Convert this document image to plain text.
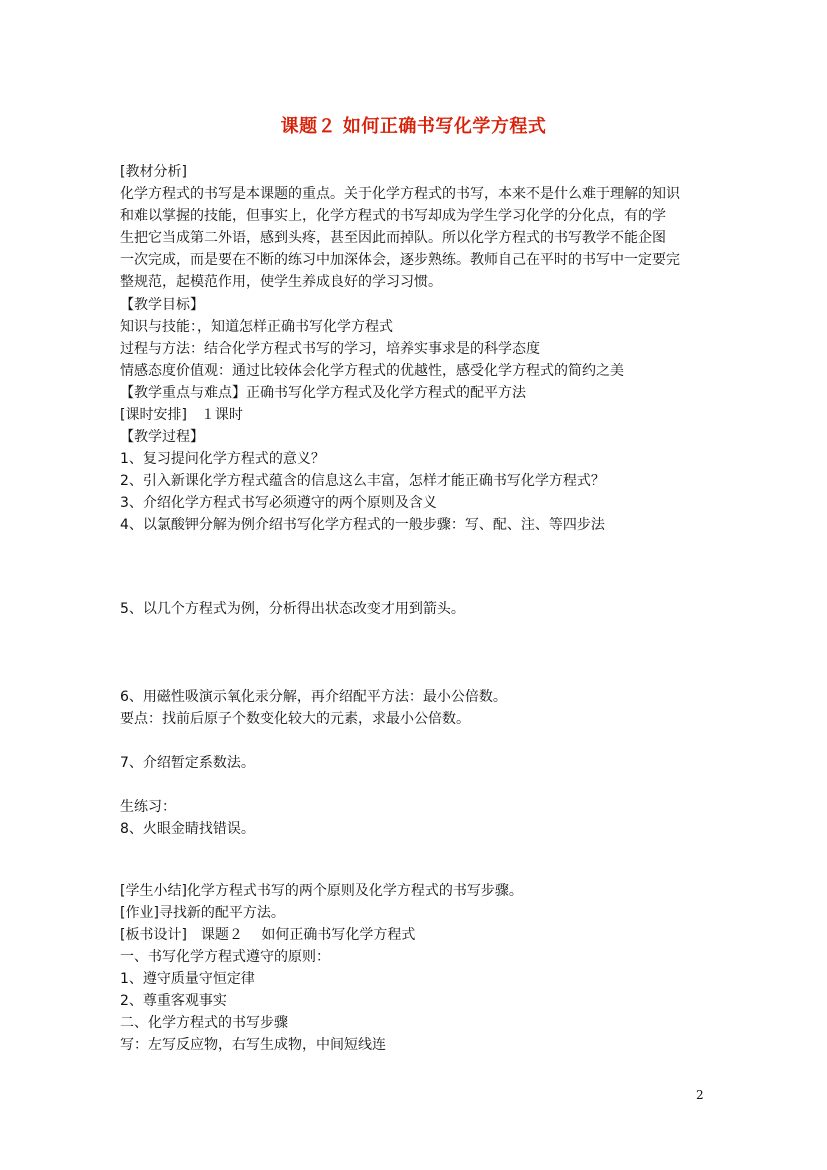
课题２ 如何正确书写化学方程式
[教材分析]

化学方程式的书写是本课题的重点。关于化学方程式的书写，本来不是什么难于理解的知识

和难以掌握的技能，但事实上，化学方程式的书写却成为学生学习化学的分化点，有的学

生把它当成第二外语，感到头疼，甚至因此而掉队。所以化学方程式的书写教学不能企图

一次完成，而是要在不断的练习中加深体会，逐步熟练。教师自己在平时的书写中一定要完

整规范，起模范作用，使学生养成良好的学习习惯。

【教学目标】
知识与技能：，知道怎样正确书写化学方程式
过程与方法：结合化学方程式书写的学习，培养实事求是的科学态度
情感态度价值观：通过比较体会化学方程式的优越性，感受化学方程式的简约之美
【教学重点与难点】正确书写化学方程式及化学方程式的配平方法
[课时安排]　１课时
【教学过程】
1、复习提问化学方程式的意义？
2、引入新课化学方程式蕴含的信息这么丰富，怎样才能正确书写化学方程式？
3、介绍化学方程式书写必须遵守的两个原则及含义
4、以氯酸钾分解为例介绍书写化学方程式的一般步骤：写、配、注、等四步法
5、以几个方程式为例，分析得出状态改变才用到箭头。
6、用磁性吸演示氧化汞分解，再介绍配平方法：最小公倍数。
要点：找前后原子个数变化较大的元素，求最小公倍数。
7、介绍暂定系数法。
生练习：
8、火眼金睛找错误。
[学生小结]化学方程式书写的两个原则及化学方程式的书写步骤。
[作业]寻找新的配平方法。
[板书设计]　课题２　 如何正确书写化学方程式
一、书写化学方程式遵守的原则：
1、遵守质量守恒定律
2、尊重客观事实
二、化学方程式的书写步骤
写：左写反应物，右写生成物，中间短线连
2
